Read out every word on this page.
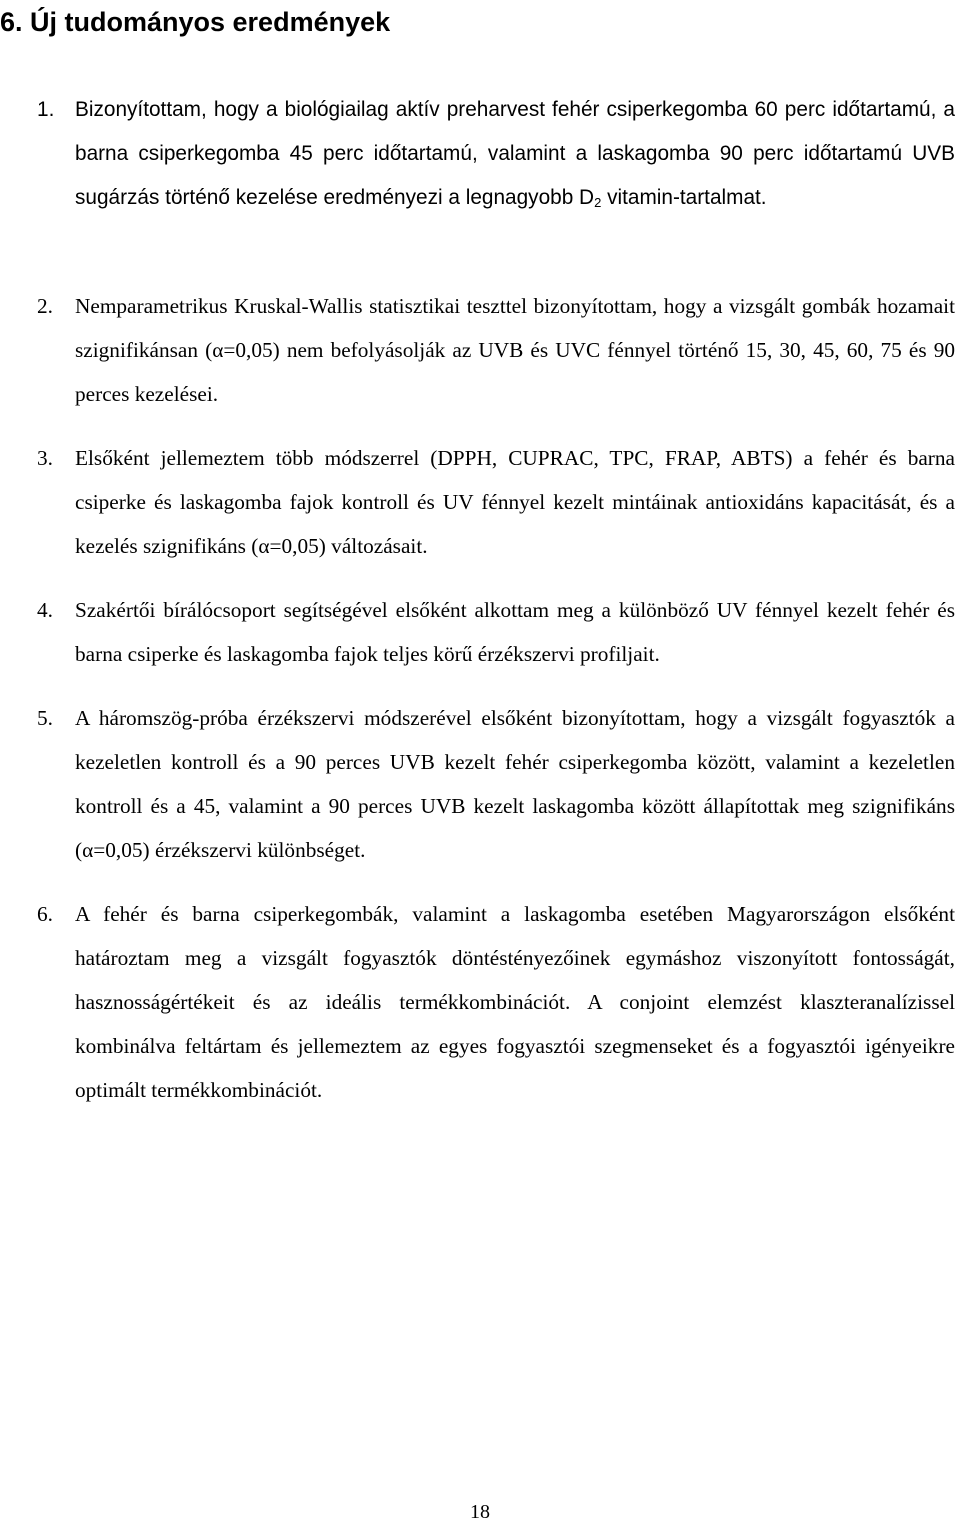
6. Új tudományos eredmények
1. Bizonyítottam, hogy a biológiailag aktív preharvest fehér csiperkegomba 60 perc időtartamú, a barna csiperkegomba 45 perc időtartamú, valamint a laskagomba 90 perc időtartamú UVB sugárzás történő kezelése eredményezi a legnagyobb $D_2$ vitamin-tartalmat.

2. Nemparametrikus Kruskal-Wallis statisztikai teszttel bizonyítottam, hogy a vizsgált gombák hozamait szignifikánsan (α=0,05) nem befolyásolják az UVB és UVC fénnyel történő 15, 30, 45, 60, 75 és 90 perces kezelései.

3. Elsőként jellemeztem több módszerrel (DPPH, CUPRAC, TPC, FRAP, ABTS) a fehér és barna csiperke és laskagomba fajok kontroll és UV fénnyel kezelt mintáinak antioxidáns kapacitását, és a kezelés szignifikáns (α=0,05) változásait.

4. Szakértői bírálócsoport segítségével elsőként alkottam meg a különböző UV fénnyel kezelt fehér és barna csiperke és laskagomba fajok teljes körű érzékszervi profiljait.

5. A háromszög-próba érzékszervi módszerével elsőként bizonyítottam, hogy a vizsgált fogyasztók a kezeletlen kontroll és a 90 perces UVB kezelt fehér csiperkegomba között, valamint a kezeletlen kontroll és a 45, valamint a 90 perces UVB kezelt laskagomba között állapítottak meg szignifikáns (α=0,05) érzékszervi különbséget.

6. A fehér és barna csiperkegombák, valamint a laskagomba esetében Magyarországon elsőként határoztam meg a vizsgált fogyasztók döntéstényezőinek egymáshoz viszonyított fontosságát, hasznosságértékeit és az ideális termékkombinációt. A conjoint elemzést klaszteranalízissel kombinálva feltártam és jellemeztem az egyes fogyasztói szegmenseket és a fogyasztói igényeikre optimált termékkombinációt.

18
